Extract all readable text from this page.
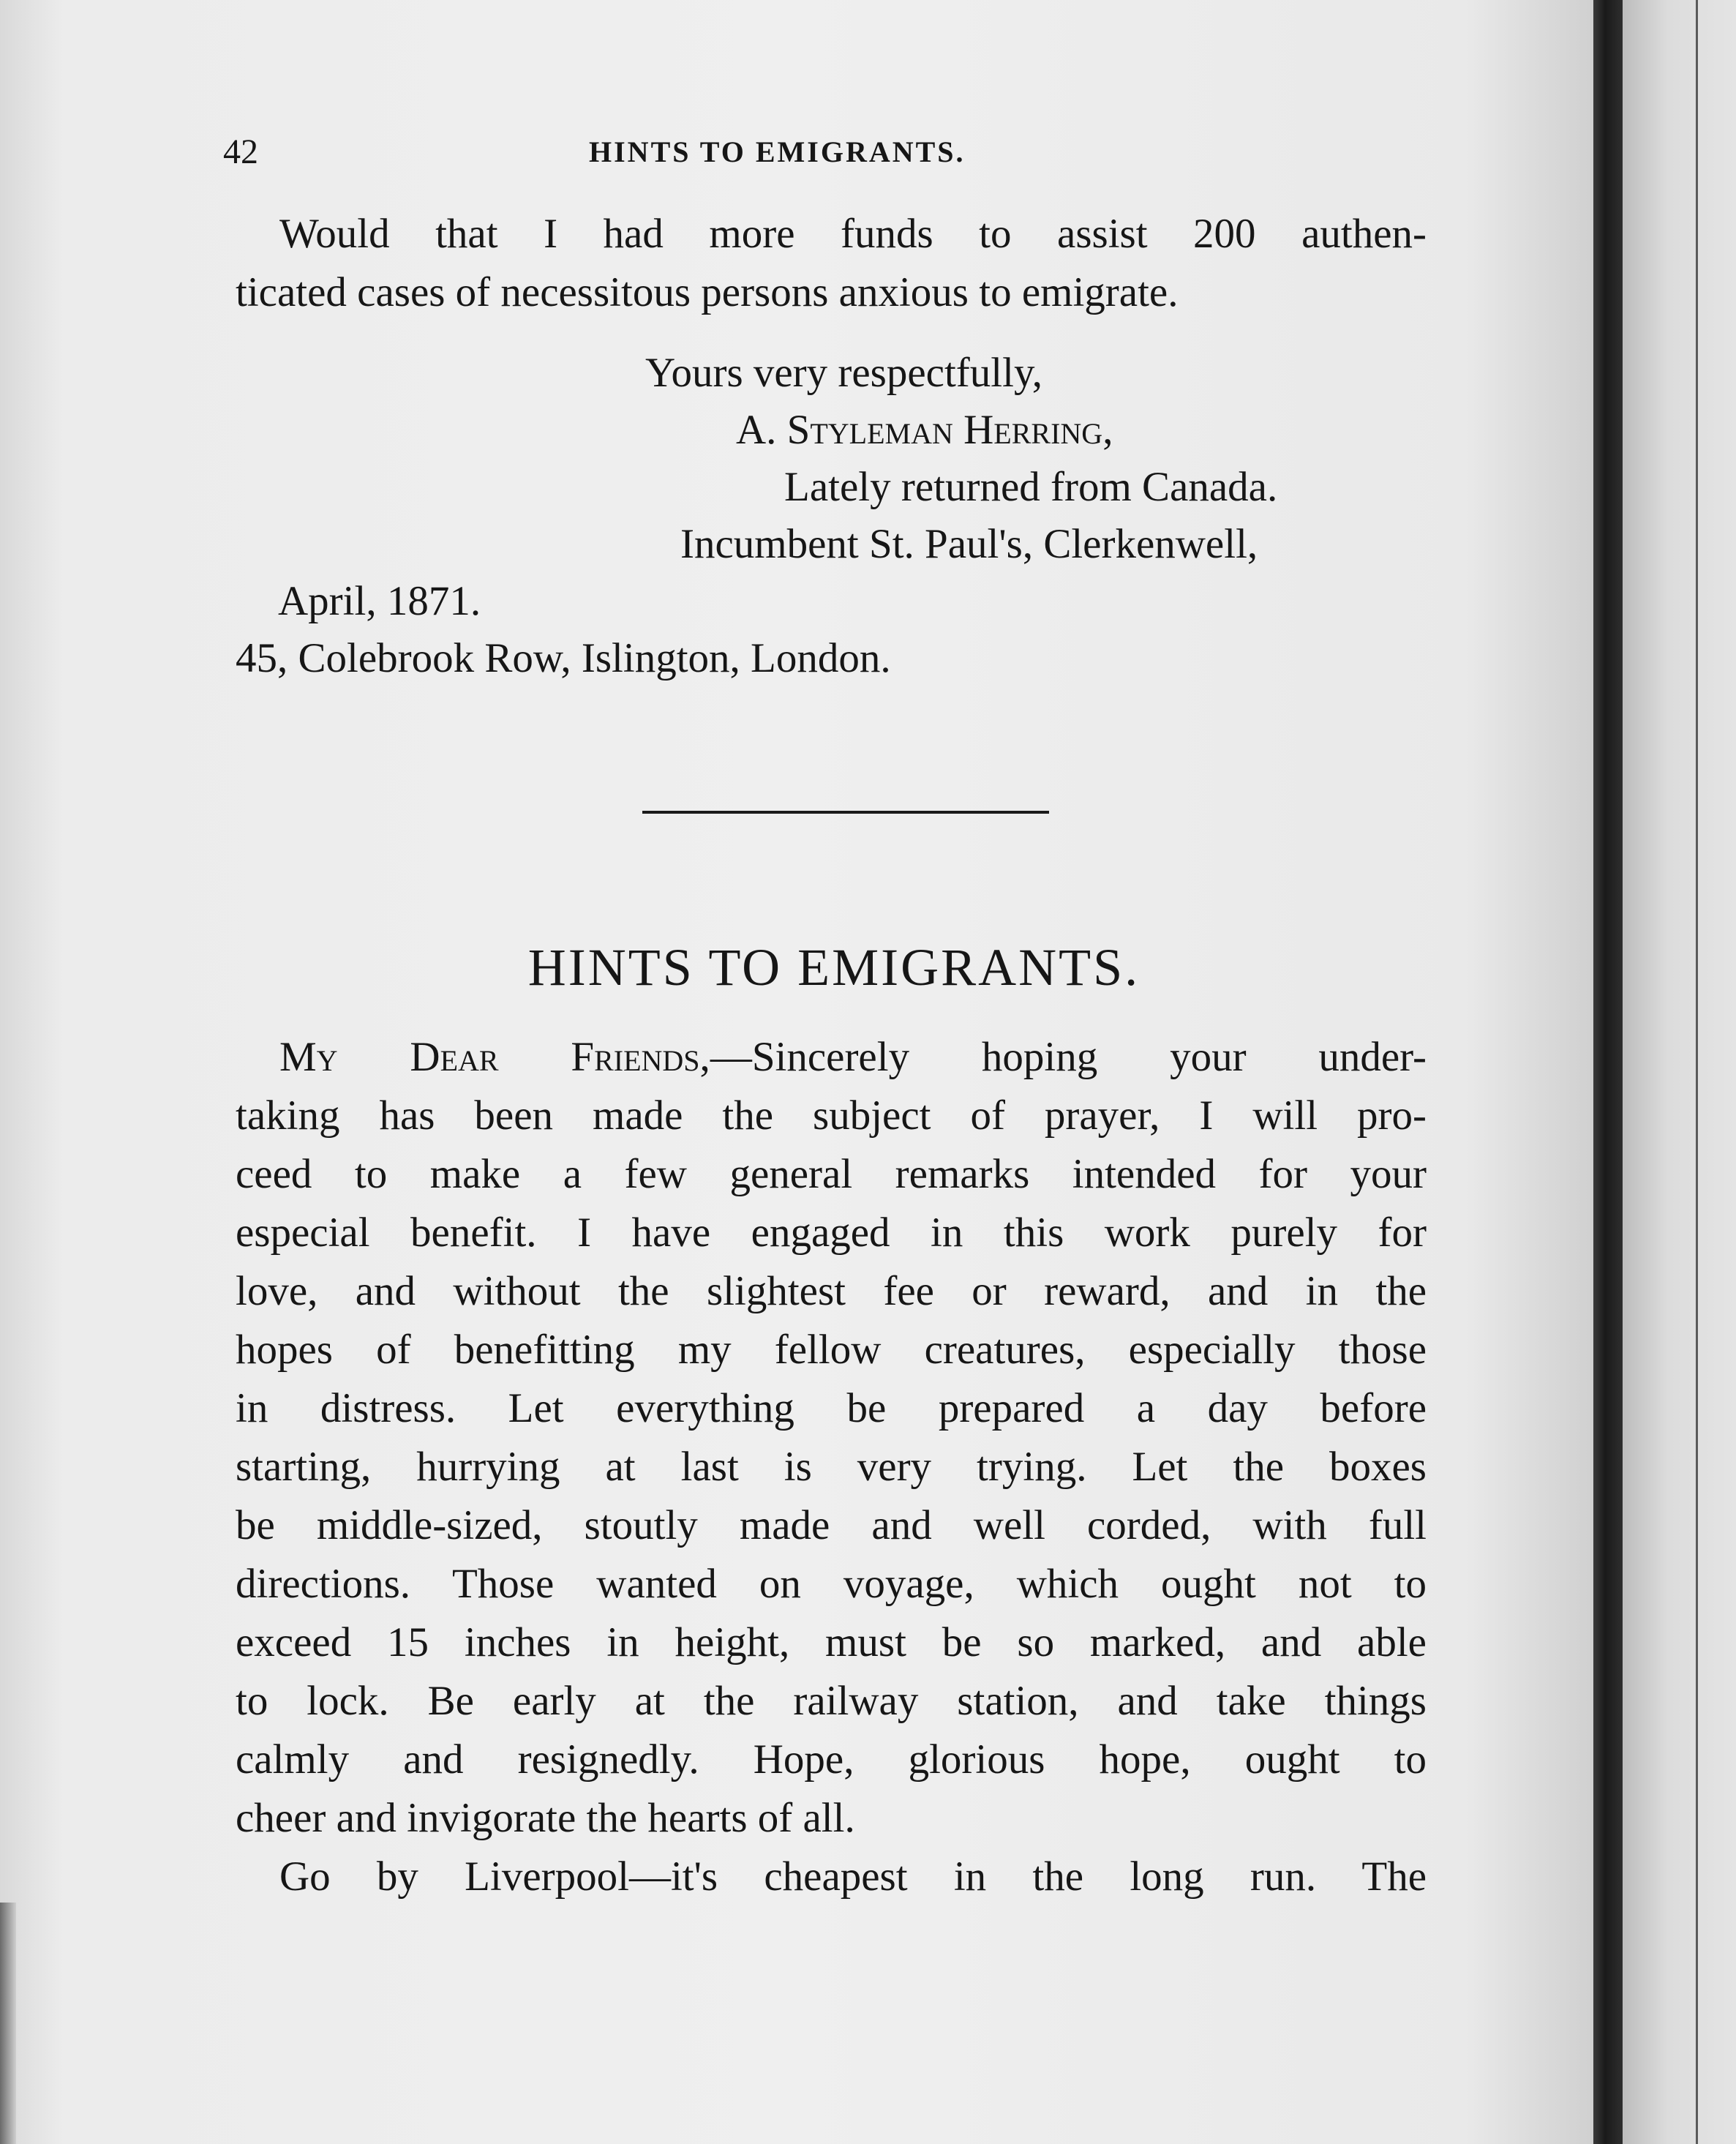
42	HINTS TO EMIGRANTS.
Would that I had more funds to assist 200 authen-
ticated cases of necessitous persons anxious to emigrate.
Yours very respectfully,
A. Styleman Herring,
Lately returned from Canada.
Incumbent St. Paul's, Clerkenwell,
April, 1871.
45, Colebrook Row, Islington, London.
HINTS TO EMIGRANTS.
My Dear Friends,—Sincerely hoping your under-
taking has been made the subject of prayer, I will pro-
ceed to make a few general remarks intended for your
especial benefit. I have engaged in this work purely for
love, and without the slightest fee or reward, and in the
hopes of benefitting my fellow creatures, especially those
in distress. Let everything be prepared a day before
starting, hurrying at last is very trying. Let the boxes
be middle-sized, stoutly made and well corded, with full
directions. Those wanted on voyage, which ought not to
exceed 15 inches in height, must be so marked, and able
to lock. Be early at the railway station, and take things
calmly and resignedly. Hope, glorious hope, ought to
cheer and invigorate the hearts of all.
Go by Liverpool—it's cheapest in the long run. The
